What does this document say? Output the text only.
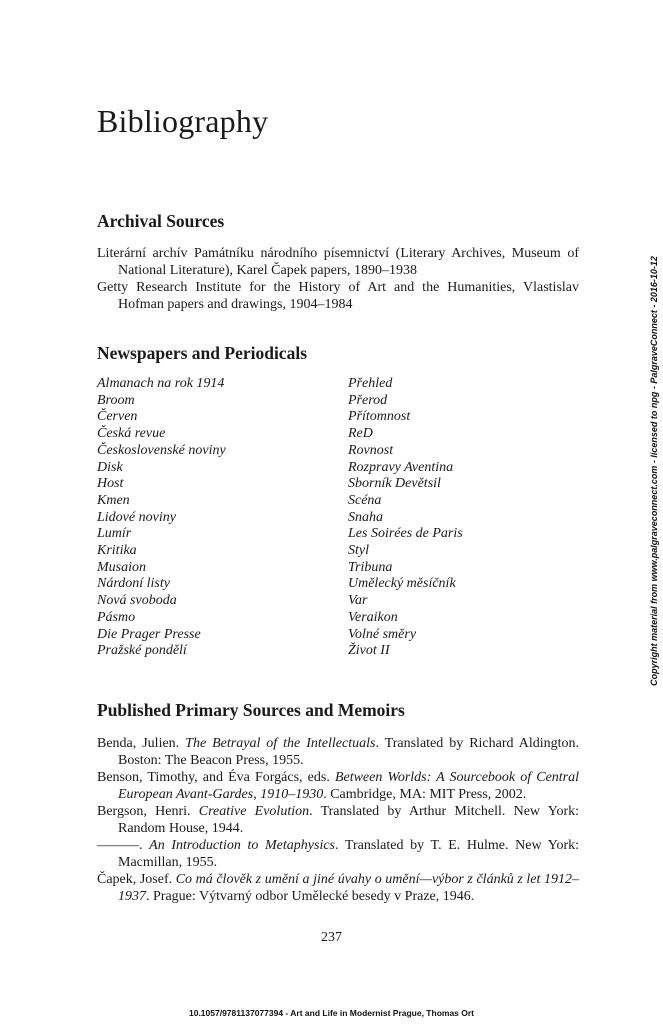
Bibliography
Archival Sources
Literární archív Památníku národního písemnictví (Literary Archives, Museum of National Literature), Karel Čapek papers, 1890–1938
Getty Research Institute for the History of Art and the Humanities, Vlastislav Hofman papers and drawings, 1904–1984
Newspapers and Periodicals
Almanach na rok 1914
Broom
Červen
Česká revue
Československé noviny
Disk
Host
Kmen
Lidové noviny
Lumír
Kritika
Musaion
Nárdoní listy
Nová svoboda
Pásmo
Die Prager Presse
Pražské pondělí
Přehled
Přerod
Přítomnost
ReD
Rovnost
Rozpravy Aventina
Sborník Devětsil
Scéna
Snaha
Les Soirées de Paris
Styl
Tribuna
Umělecký měsíčník
Var
Veraikon
Volné směry
Život II
Published Primary Sources and Memoirs
Benda, Julien. The Betrayal of the Intellectuals. Translated by Richard Aldington. Boston: The Beacon Press, 1955.
Benson, Timothy, and Éva Forgács, eds. Between Worlds: A Sourcebook of Central European Avant-Gardes, 1910–1930. Cambridge, MA: MIT Press, 2002.
Bergson, Henri. Creative Evolution. Translated by Arthur Mitchell. New York: Random House, 1944.
———. An Introduction to Metaphysics. Translated by T. E. Hulme. New York: Macmillan, 1955.
Čapek, Josef. Co má člověk z umění a jiné úvahy o umění—výbor z článků z let 1912–1937. Prague: Výtvarný odbor Umělecké besedy v Praze, 1946.
237
10.1057/9781137077394 - Art and Life in Modernist Prague, Thomas Ort
Copyright material from www.palgraveconnect.com - licensed to npg - PalgraveConnect - 2016-10-12
